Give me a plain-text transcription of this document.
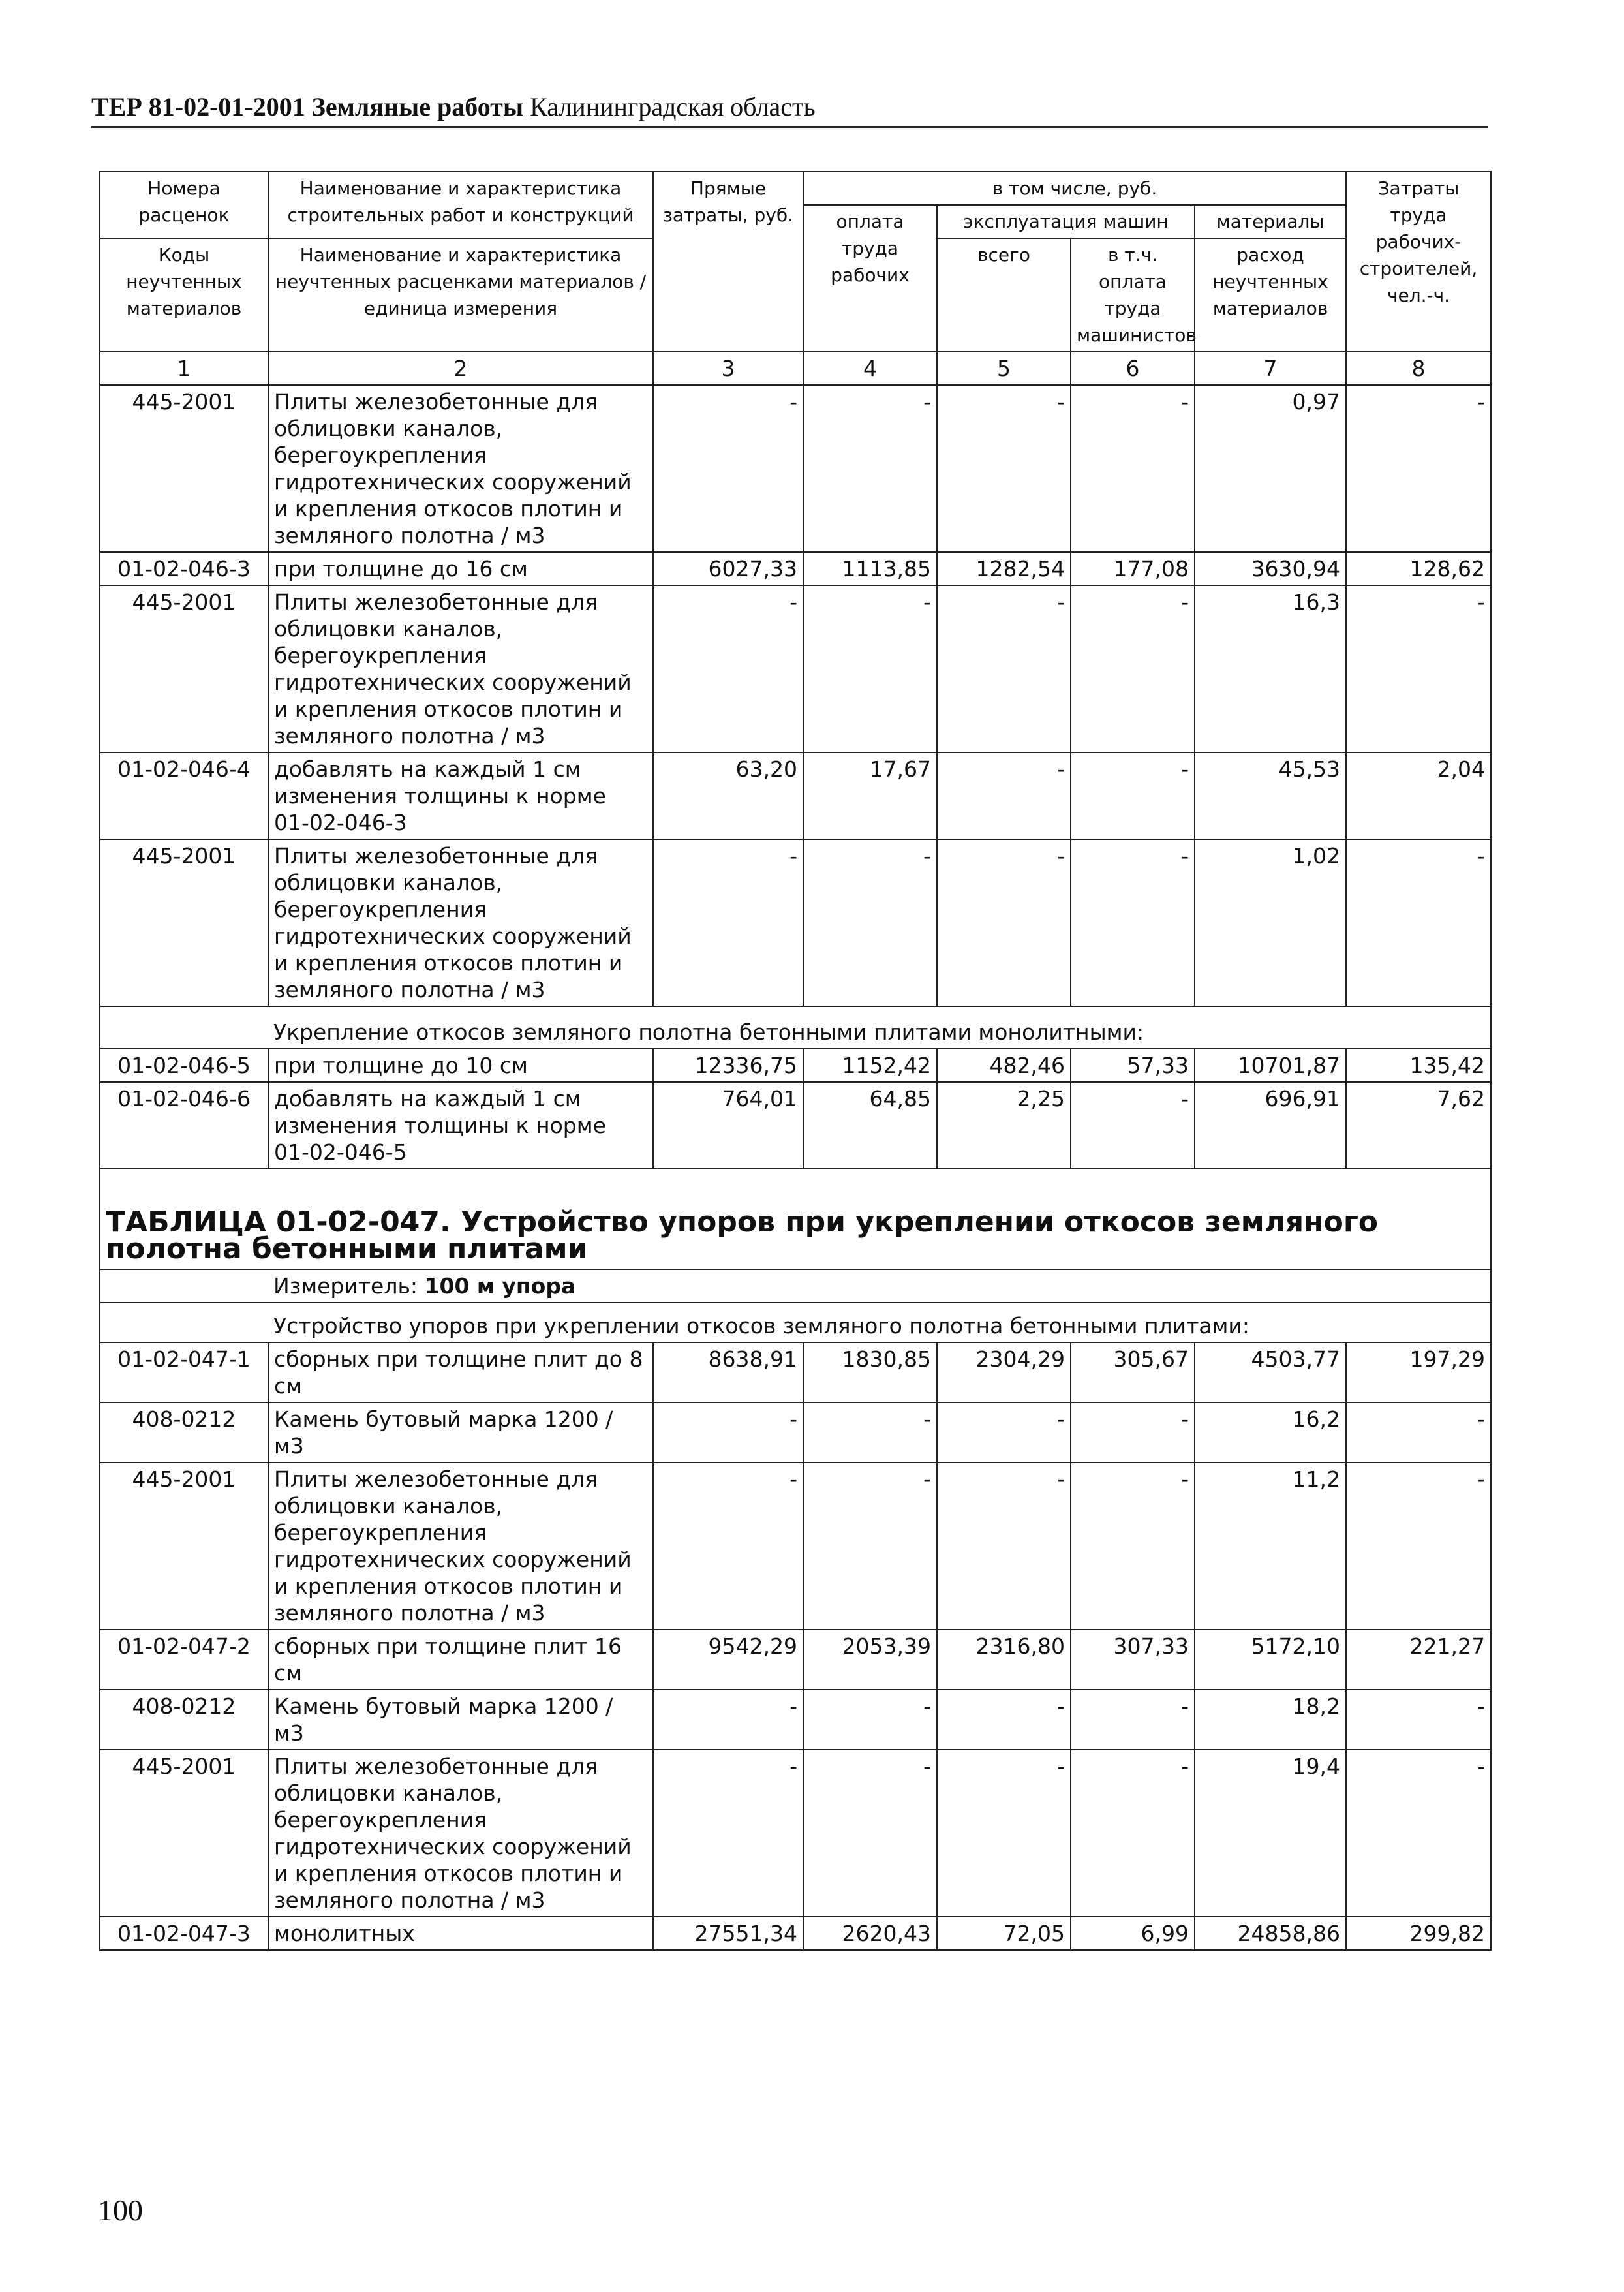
ТЕР 81-02-01-2001 Земляные работы Калининградская область
Номера расценок	Наименование и характеристика строительных работ и конструкций	Прямые затраты, руб.	в том числе, руб.				Затраты труда рабочих-строителей, чел.-ч.
			оплата труда рабочих	эксплуатация машин		материалы	
Коды неучтенных материалов	Наименование и характеристика неучтенных расценками материалов / единица измерения			всего	в т.ч. оплата труда машинистов	расход неучтенных материалов	

1	2	3	4	5	6	7	8
445-2001	Плиты железобетонные для облицовки каналов, берегоукрепления гидротехнических сооружений и крепления откосов плотин и земляного полотна / м3	-	-	-	-	0,97	-
01-02-046-3	при толщине до 16 см	6027,33	1113,85	1282,54	177,08	3630,94	128,62
445-2001	Плиты железобетонные для облицовки каналов, берегоукрепления гидротехнических сооружений и крепления откосов плотин и земляного полотна / м3	-	-	-	-	16,3	-
01-02-046-4	добавлять на каждый 1 см изменения толщины к норме 01-02-046-3	63,20	17,67	-	-	45,53	2,04
445-2001	Плиты железобетонные для облицовки каналов, берегоукрепления гидротехнических сооружений и крепления откосов плотин и земляного полотна / м3	-	-	-	-	1,02	-
	Укрепление откосов земляного полотна бетонными плитами монолитными:						
01-02-046-5	при толщине до 10 см	12336,75	1152,42	482,46	57,33	10701,87	135,42
01-02-046-6	добавлять на каждый 1 см изменения толщины к норме 01-02-046-5	764,01	64,85	2,25	-	696,91	7,62
ТАБЛИЦА 01-02-047. Устройство упоров при укреплении откосов земляного полотна бетонными плитами							
	Измеритель: 100 м упора						
	Устройство упоров при укреплении откосов земляного полотна бетонными плитами:						
01-02-047-1	сборных при толщине плит до 8 см	8638,91	1830,85	2304,29	305,67	4503,77	197,29
408-0212	Камень бутовый марка 1200 / м3	-	-	-	-	16,2	-
445-2001	Плиты железобетонные для облицовки каналов, берегоукрепления гидротехнических сооружений и крепления откосов плотин и земляного полотна / м3	-	-	-	-	11,2	-
01-02-047-2	сборных при толщине плит 16 см	9542,29	2053,39	2316,80	307,33	5172,10	221,27
408-0212	Камень бутовый марка 1200 / м3	-	-	-	-	18,2	-
445-2001	Плиты железобетонные для облицовки каналов, берегоукрепления гидротехнических сооружений и крепления откосов плотин и земляного полотна / м3	-	-	-	-	19,4	-
01-02-047-3	монолитных	27551,34	2620,43	72,05	6,99	24858,86	299,82
100
